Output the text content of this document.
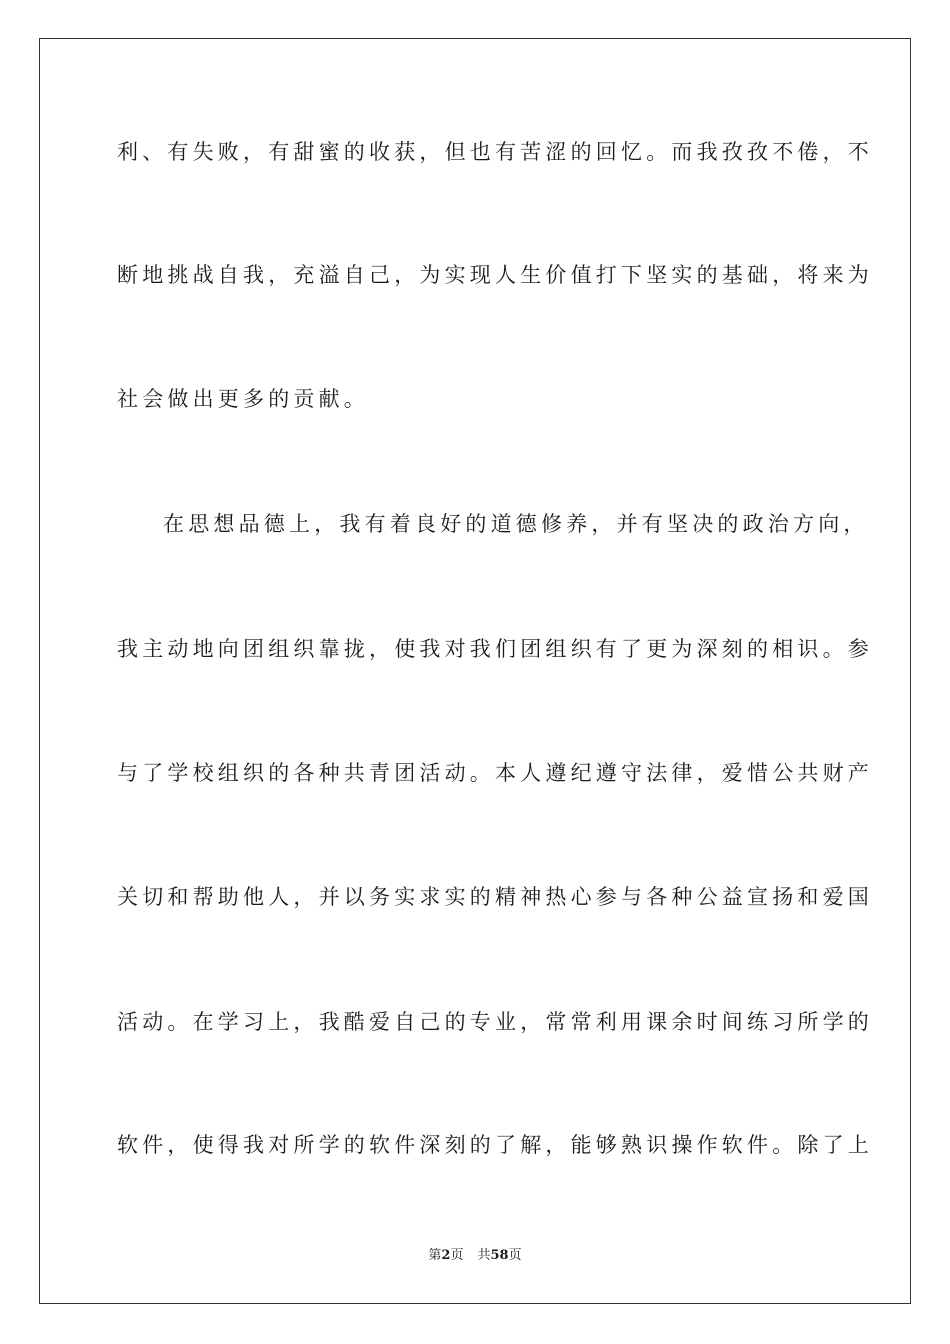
利、有失败，有甜蜜的收获，但也有苦涩的回忆。而我孜孜不倦，不
断地挑战自我，充溢自己，为实现人生价值打下坚实的基础，将来为
社会做出更多的贡献。
在思想品德上，我有着良好的道德修养，并有坚决的政治方向，
我主动地向团组织靠拢，使我对我们团组织有了更为深刻的相识。参
与了学校组织的各种共青团活动。本人遵纪遵守法律，爱惜公共财产
关切和帮助他人，并以务实求实的精神热心参与各种公益宣扬和爱国
活动。在学习上，我酷爱自己的专业，常常利用课余时间练习所学的
软件，使得我对所学的软件深刻的了解，能够熟识操作软件。除了上
第2页 共58页
